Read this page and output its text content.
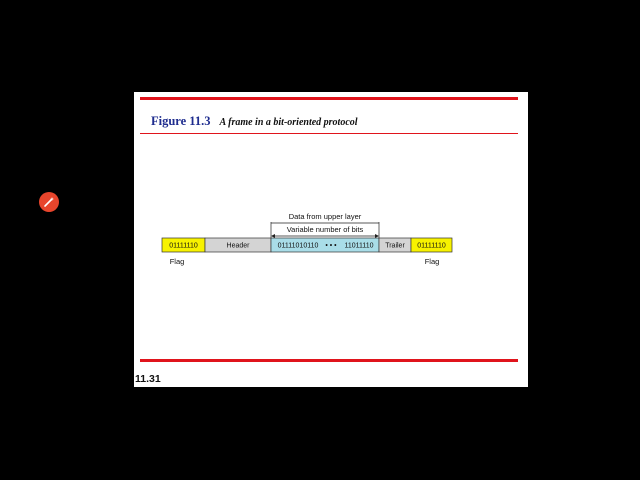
Figure 11.3 A frame in a bit-oriented protocol
Data from upper layer
Variable number of bits
01111110	Header	01111010110 • • • 11011110 Trailer 01111110
Flag	Flag
11.31
